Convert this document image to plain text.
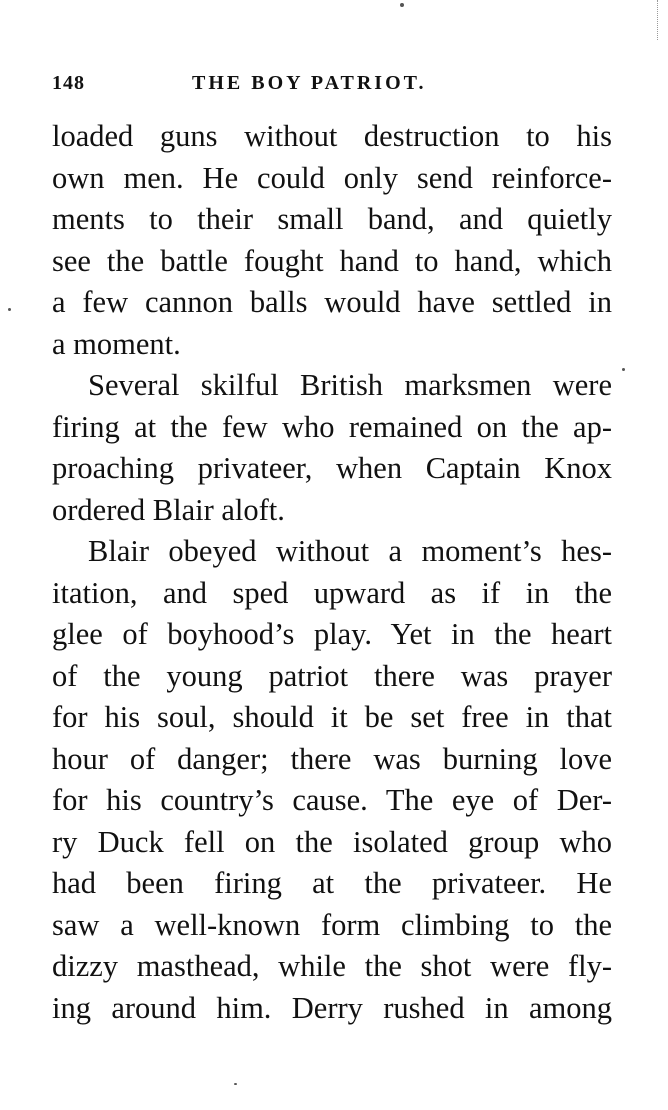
148	THE BOY PATRIOT.
loaded guns without destruction to his
own men. He could only send reinforce-
ments to their small band, and quietly
see the battle fought hand to hand, which
a few cannon balls would have settled in
a moment.
Several skilful British marksmen were
firing at the few who remained on the ap-
proaching privateer, when Captain Knox
ordered Blair aloft.
Blair obeyed without a moment’s hes-
itation, and sped upward as if in the
glee of boyhood’s play. Yet in the heart
of the young patriot there was prayer
for his soul, should it be set free in that
hour of danger; there was burning love
for his country’s cause. The eye of Der-
ry Duck fell on the isolated group who
had been firing at the privateer. He
saw a well-known form climbing to the
dizzy masthead, while the shot were fly-
ing around him. Derry rushed in among
